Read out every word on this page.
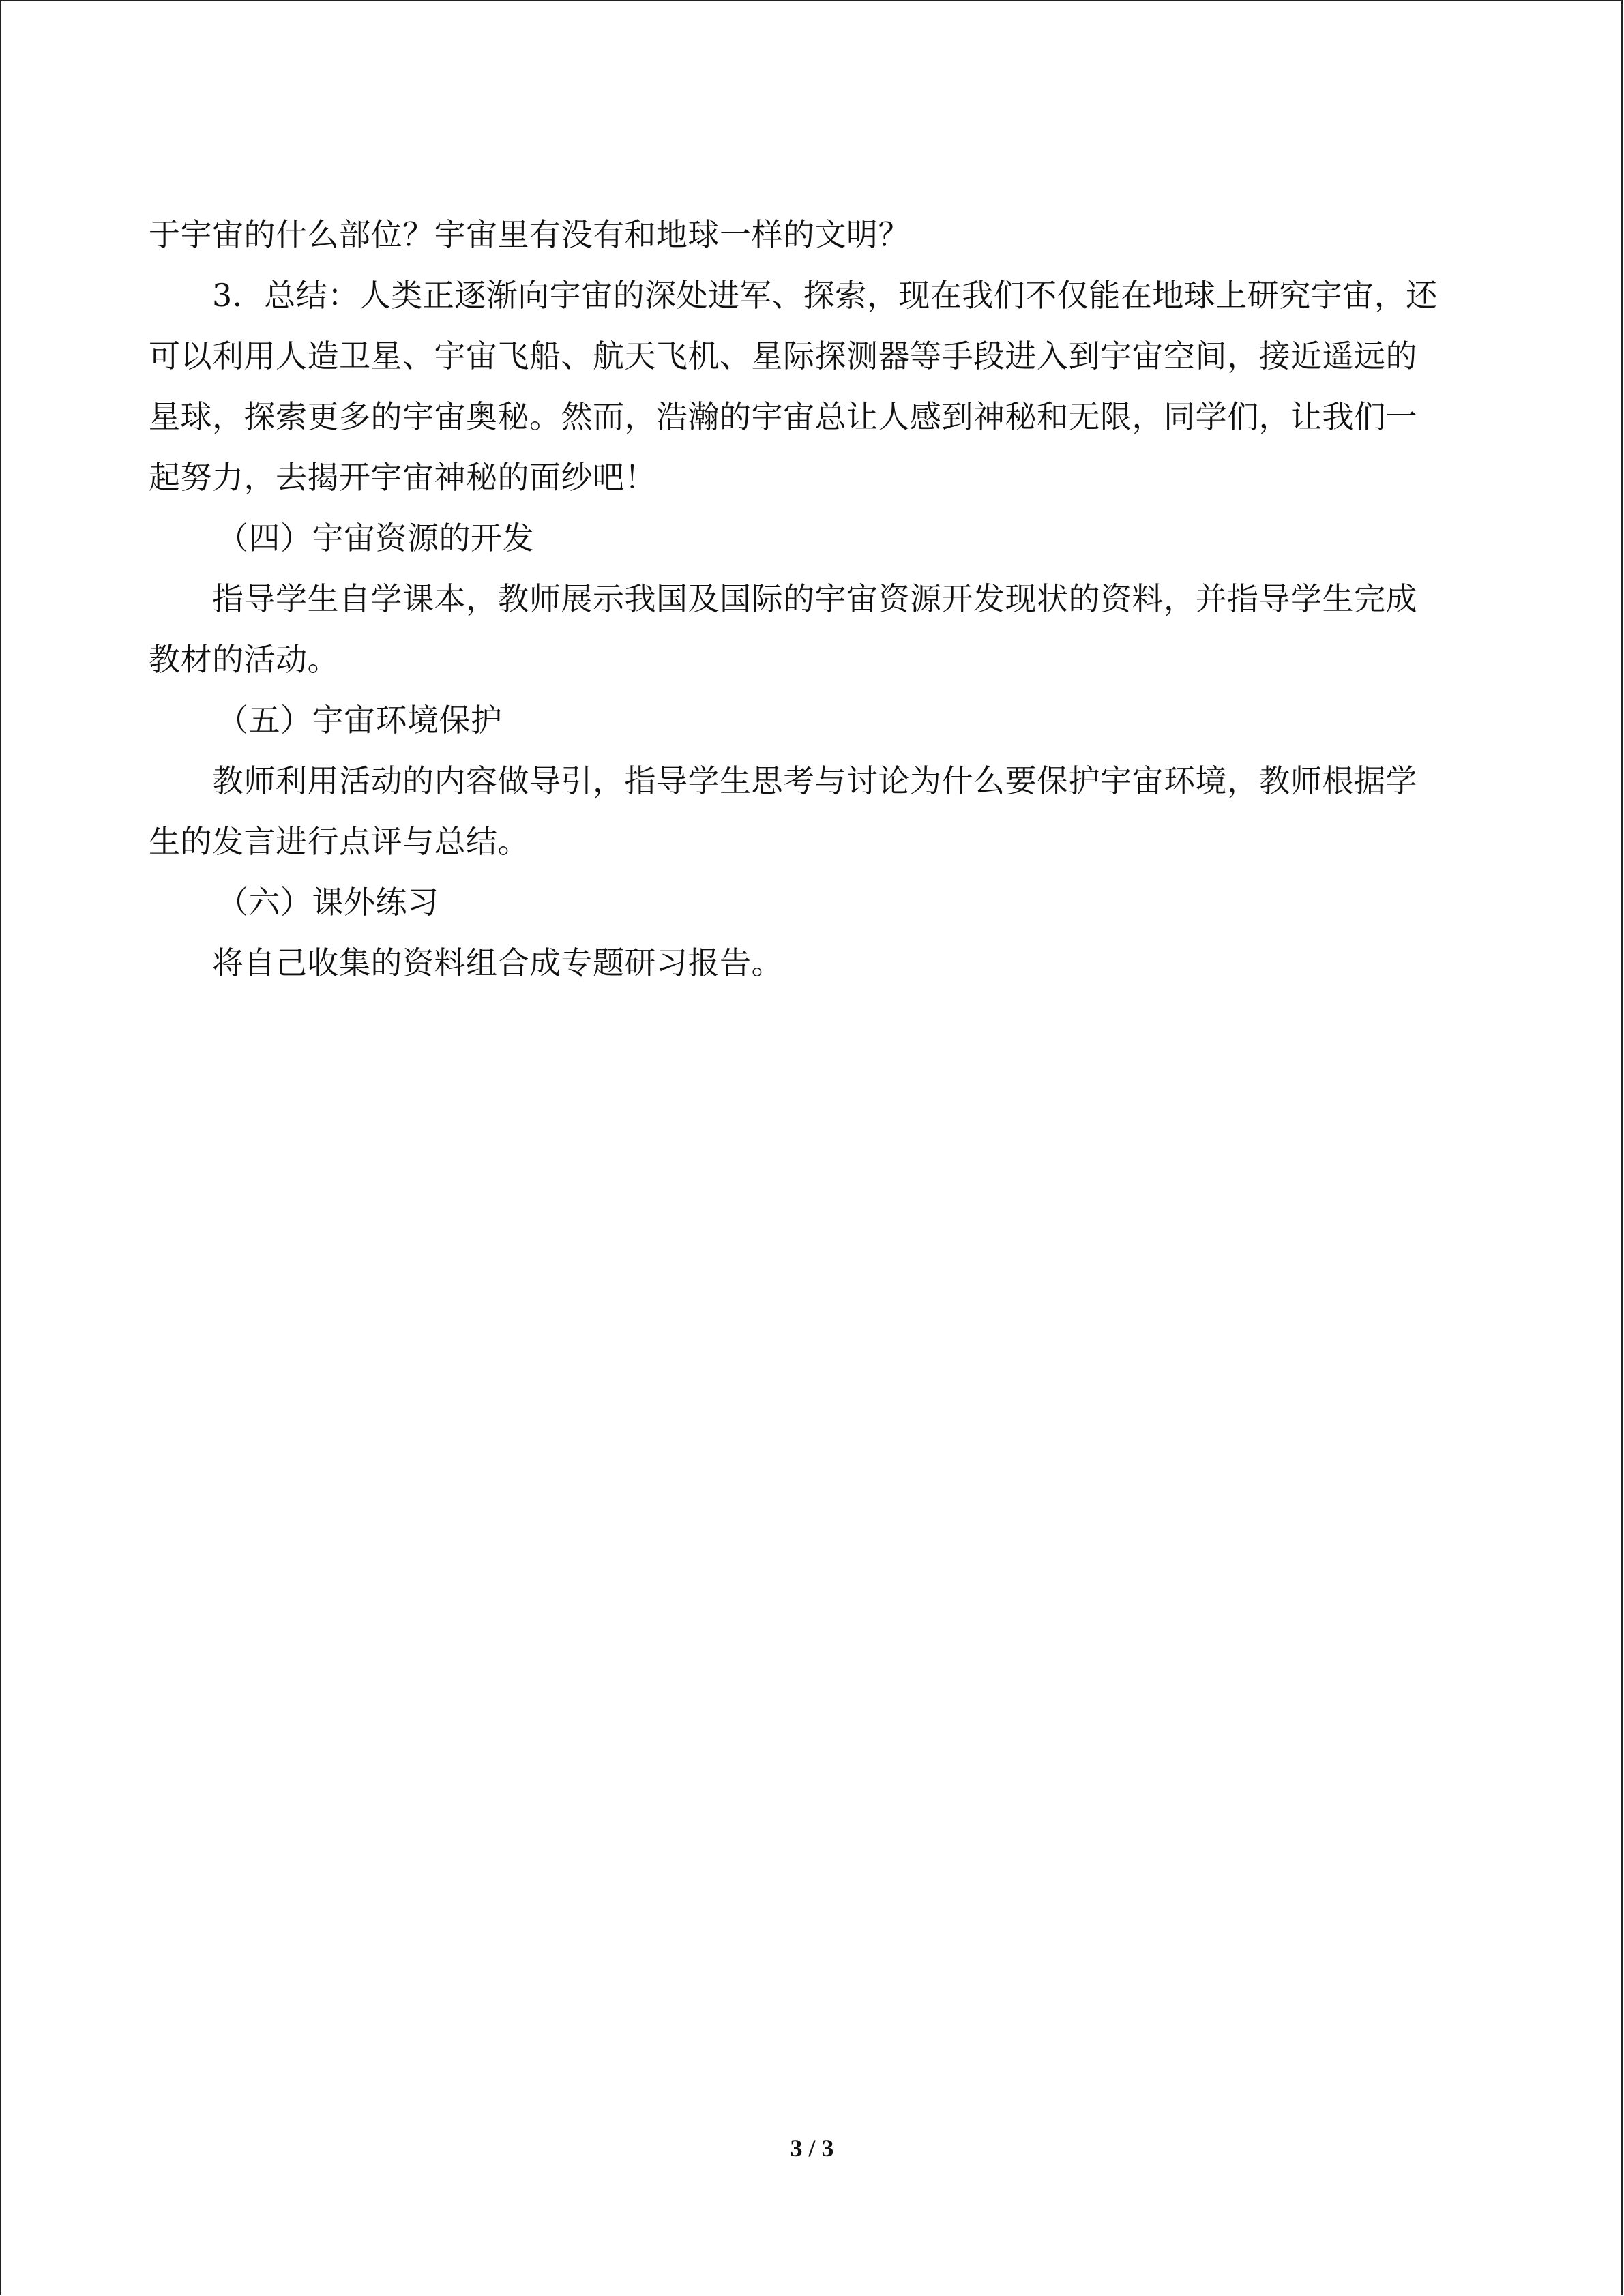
于宇宙的什么部位？宇宙里有没有和地球一样的文明？
3．总结：人类正逐渐向宇宙的深处进军、探索，现在我们不仅能在地球上研究宇宙，还
可以利用人造卫星、宇宙飞船、航天飞机、星际探测器等手段进入到宇宙空间，接近遥远的
星球，探索更多的宇宙奥秘。然而，浩瀚的宇宙总让人感到神秘和无限，同学们，让我们一
起努力，去揭开宇宙神秘的面纱吧！
（四）宇宙资源的开发
指导学生自学课本，教师展示我国及国际的宇宙资源开发现状的资料，并指导学生完成
教材的活动。
（五）宇宙环境保护
教师利用活动的内容做导引，指导学生思考与讨论为什么要保护宇宙环境，教师根据学
生的发言进行点评与总结。
（六）课外练习
将自己收集的资料组合成专题研习报告。
3 / 3
